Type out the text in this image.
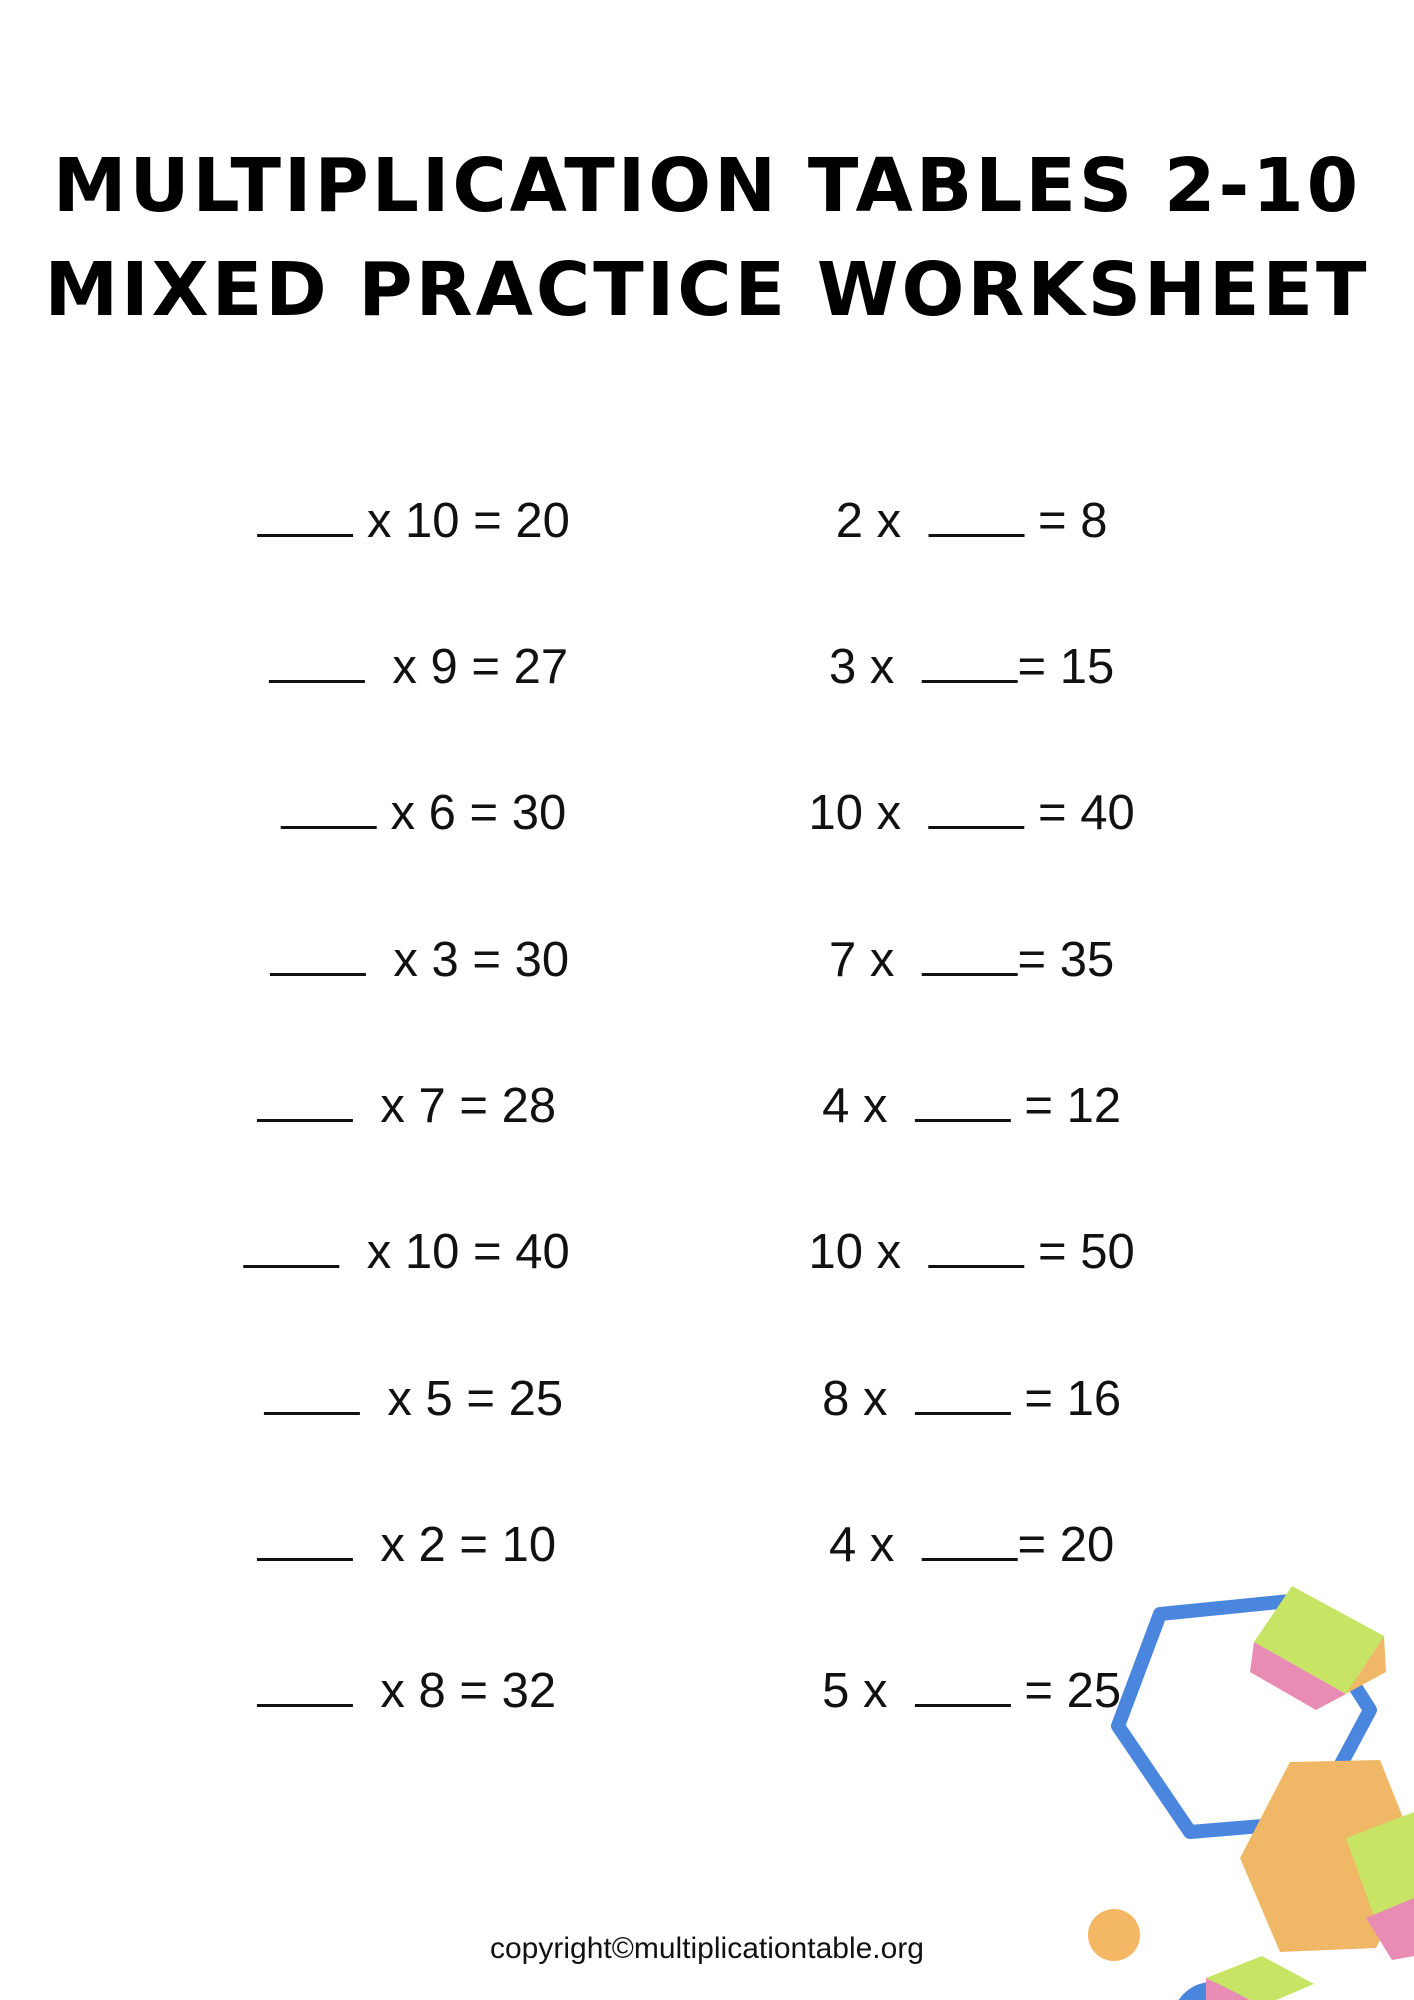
MULTIPLICATION TABLES 2-10
MIXED PRACTICE WORKSHEET

x 10 = 20

x 9 = 27

x 6 = 30

x 3 = 30

x 7 = 28

x 10 = 40

x 5 = 25

x 2 = 10

x 8 = 32

2 x   = 8

3 x  = 15

10 x   = 40

7 x  = 35

4 x   = 12

10 x   = 50

8 x   = 16

4 x  = 20

5 x   = 25

copyright©multiplicationtable.org
